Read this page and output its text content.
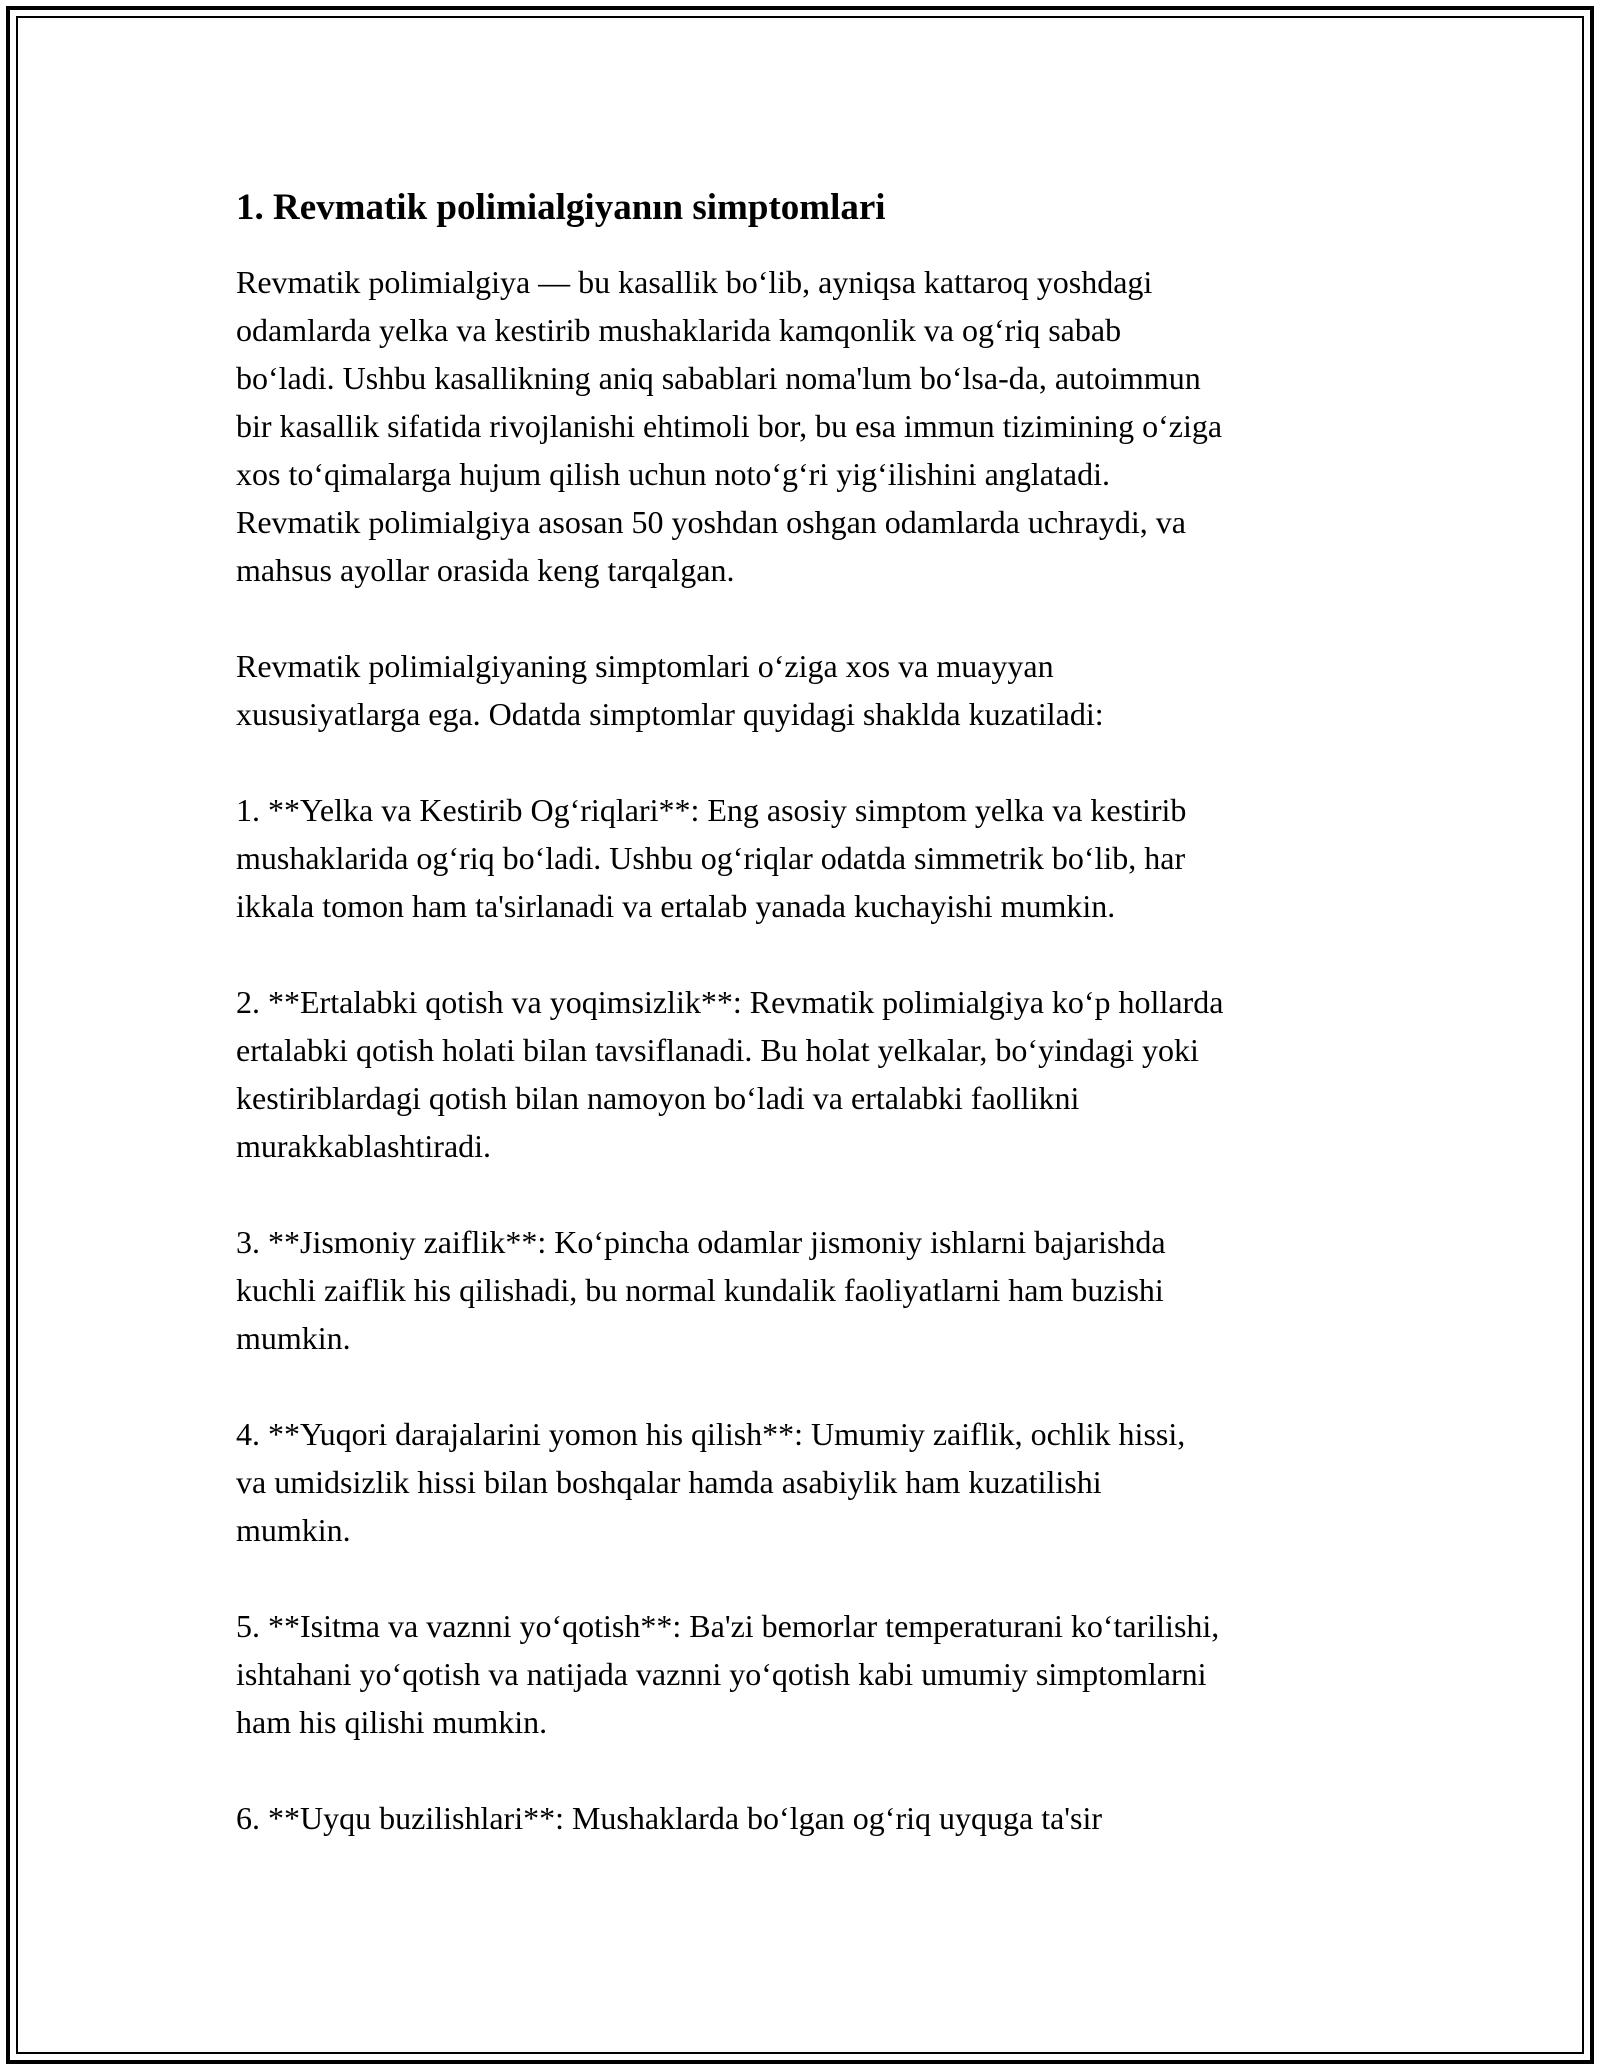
1. Revmatik polimialgiyanın simptomlari

Revmatik polimialgiya — bu kasallik bo‘lib, ayniqsa kattaroq yoshdagi
odamlarda yelka va kestirib mushaklarida kamqonlik va og‘riq sabab
bo‘ladi. Ushbu kasallikning aniq sabablari noma'lum bo‘lsa-da, autoimmun
bir kasallik sifatida rivojlanishi ehtimoli bor, bu esa immun tizimining o‘ziga
xos to‘qimalarga hujum qilish uchun noto‘g‘ri yig‘ilishini anglatadi.
Revmatik polimialgiya asosan 50 yoshdan oshgan odamlarda uchraydi, va
mahsus ayollar orasida keng tarqalgan.

Revmatik polimialgiyaning simptomlari o‘ziga xos va muayyan
xususiyatlarga ega. Odatda simptomlar quyidagi shakldа kuzatiladi:

1. **Yelka va Kestirib Og‘riqlari**: Eng asosiy simptom yelka va kestirib
mushaklarida og‘riq bo‘ladi. Ushbu og‘riqlar odatda simmetrik bo‘lib, har
ikkala tomon ham ta'sirlanadi va ertalab yanada kuchayishi mumkin.

2. **Ertalabki qotish va yoqimsizlik**: Revmatik polimialgiya ko‘p hollarda
ertalabki qotish holati bilan tavsiflanadi. Bu holat yelkalar, bo‘yindagi yoki
kestiriblardagi qotish bilan namoyon bo‘ladi va ertalabki faollikni
murakkablashtiradi.

3. **Jismoniy zaiflik**: Ko‘pincha odamlar jismoniy ishlarni bajarishda
kuchli zaiflik his qilishadi, bu normal kundalik faoliyatlarni ham buzishi
mumkin.

4. **Yuqori darajalarini yomon his qilish**: Umumiy zaiflik, ochlik hissi,
va umidsizlik hissi bilan boshqalar hamda asabiylik ham kuzatilishi
mumkin.

5. **Isitma va vaznni yo‘qotish**: Ba'zi bemorlar temperaturani ko‘tarilishi,
ishtahani yo‘qotish va natijada vaznni yo‘qotish kabi umumiy simptomlarni
ham his qilishi mumkin.

6. **Uyqu buzilishlari**: Mushaklarda bo‘lgan og‘riq uyquga ta'sir
